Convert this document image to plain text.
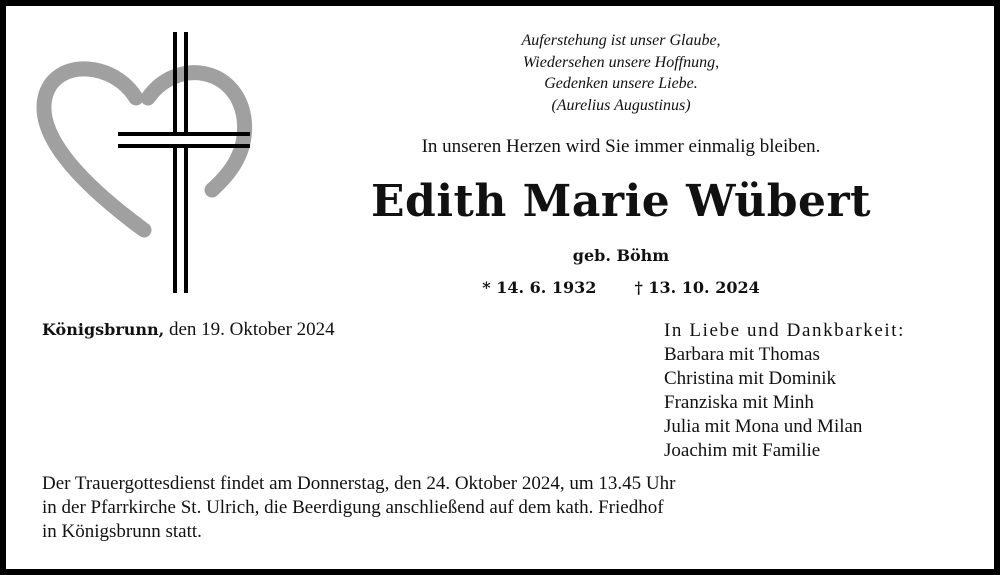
Auferstehung ist unser Glaube,
Wiedersehen unsere Hoffnung,
Gedenken unsere Liebe.
(Aurelius Augustinus)
In unseren Herzen wird Sie immer einmalig bleiben.
Edith Marie Wübert
geb. Böhm
* 14. 6. 1932 † 13. 10. 2024
Königsbrunn, den 19. Oktober 2024	In Liebe und Dankbarkeit:
Barbara mit Thomas
Christina mit Dominik
Franziska mit Minh
Julia mit Mona und Milan
Joachim mit Familie
Der Trauergottesdienst findet am Donnerstag, den 24. Oktober 2024, um 13.45 Uhr
in der Pfarrkirche St. Ulrich, die Beerdigung anschließend auf dem kath. Friedhof
in Königsbrunn statt.
